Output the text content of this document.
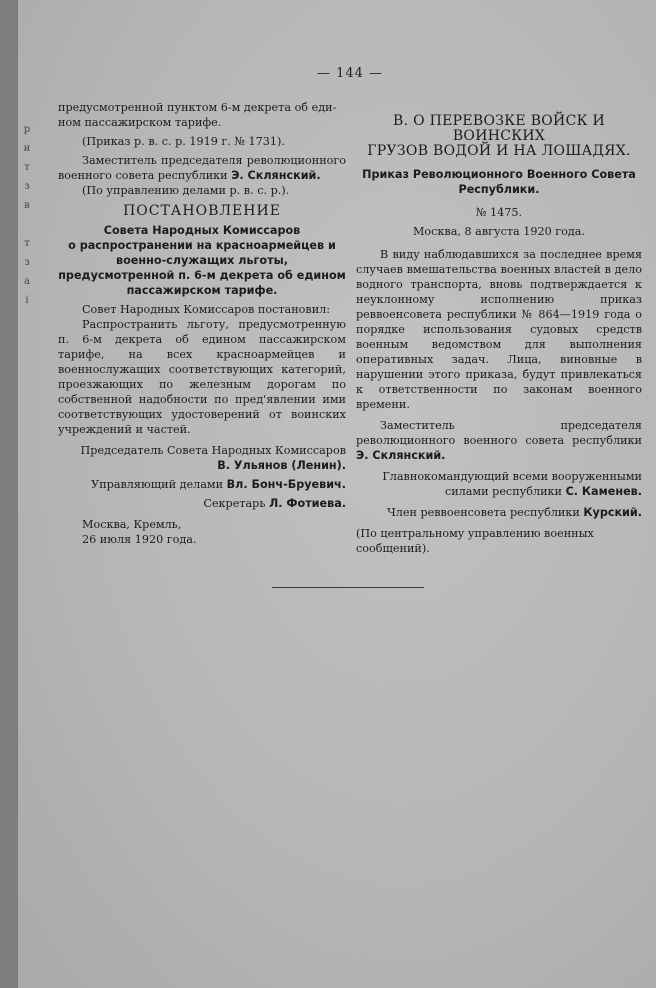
р
и
т
з
в

т
з
а
і
— 144 —

предусмотренной пунктом 6-м декрета об еди-

ном пассажирском тарифе.

(Приказ р. в. с. р. 1919 г. № 1731).

Заместитель председателя революционного военного совета республики Э. Склянский.

(По управлению делами р. в. с. р.).

ПОСТАНОВЛЕНИЕ

Совета Народных Комиссаров

о распространении на красноармейцев и военно-служащих льготы, предусмотренной п. 6-м декрета об едином пассажирском тарифе.

Совет Народных Комиссаров постановил:

Распространить льготу, предусмотренную п. 6-м декрета об едином пассажирском тарифе, на всех красноармейцев и военнослужащих соответствующих категорий, проезжающих по железным дорогам по собственной надобности по пред'явлении ими соответствующих удостоверений от воинских учреждений и частей.

Председатель Совета Народных Комиссаров

В. Ульянов (Ленин).

Управляющий делами Вл. Бонч-Бруевич.

Секретарь Л. Фотиева.

Москва, Кремль,

26 июля 1920 года.

В. О ПЕРЕВОЗКЕ ВОЙСК И ВОИНСКИХ

ГРУЗОВ ВОДОЙ И НА ЛОШАДЯХ.

Приказ Революционного Военного Совета Республики.

№ 1475.

Москва, 8 августа 1920 года.

В виду наблюдавшихся за последнее время случаев вмешательства военных властей в дело водного транспорта, вновь подтверждается к неуклонному исполнению приказ реввоенсовета республики № 864—1919 года о порядке использования судовых средств военным ведомством для выполнения оперативных задач. Лица, виновные в нарушении этого приказа, будут привлекаться к ответственности по законам военного времени.

Заместитель председателя революционного военного совета республики Э. Склянский.

Главнокомандующий всеми вооруженными силами республики С. Каменев.

Член реввоенсовета республики Курский.

(По центральному управлению военных сообщений).
